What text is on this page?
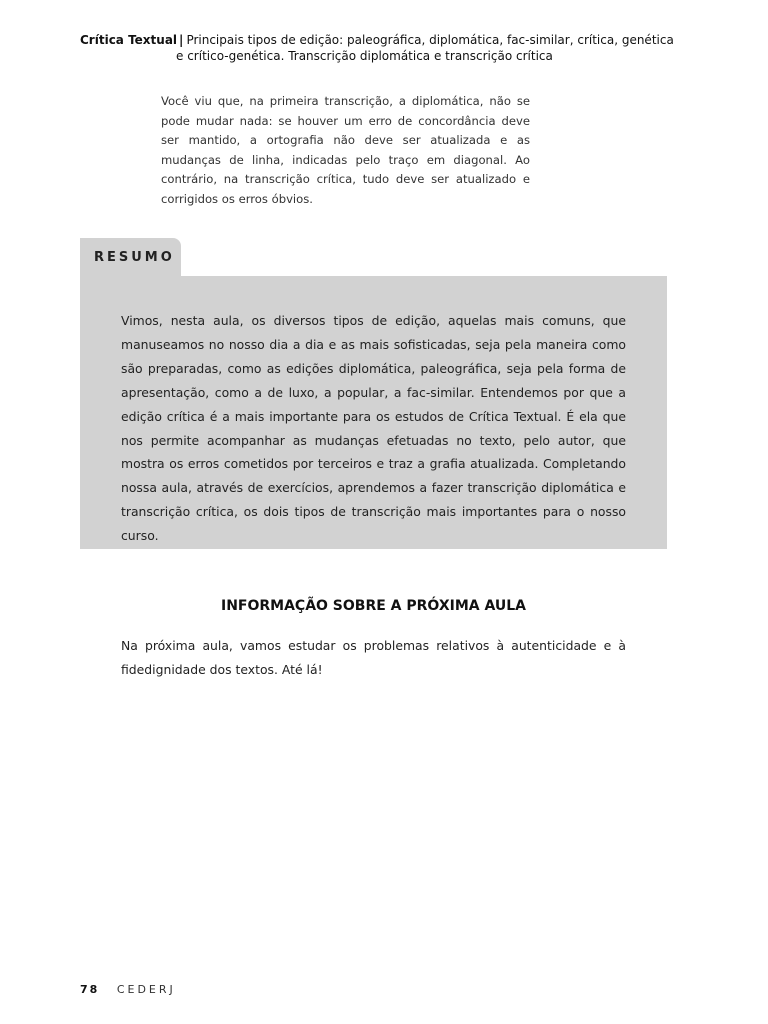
Crítica Textual | Principais tipos de edição: paleográfica, diplomática, fac-similar, crítica, genética
e crítico-genética. Transcrição diplomática e transcrição crítica

Você viu que, na primeira transcrição, a diplomática, não se pode mudar nada: se houver um erro de concordância deve ser mantido, a ortografia não deve ser atualizada e as mudanças de linha, indicadas pelo traço em diagonal. Ao contrário, na transcrição crítica, tudo deve ser atualizado e corrigidos os erros óbvios.

RESUMO

Vimos, nesta aula, os diversos tipos de edição, aquelas mais comuns, que manuseamos no nosso dia a dia e as mais sofisticadas, seja pela maneira como são preparadas, como as edições diplomática, paleográfica, seja pela forma de apresentação, como a de luxo, a popular, a fac-similar. Entendemos por que a edição crítica é a mais importante para os estudos de Crítica Textual. É ela que nos permite acompanhar as mudanças efetuadas no texto, pelo autor, que mostra os erros cometidos por terceiros e traz a grafia atualizada. Completando nossa aula, através de exercícios, aprendemos a fazer transcrição diplomática e transcrição crítica, os dois tipos de transcrição mais importantes para o nosso curso.

INFORMAÇÃO SOBRE A PRÓXIMA AULA

Na próxima aula, vamos estudar os problemas relativos à autenticidade e à fidedignidade dos textos. Até lá!

78 CEDERJ
